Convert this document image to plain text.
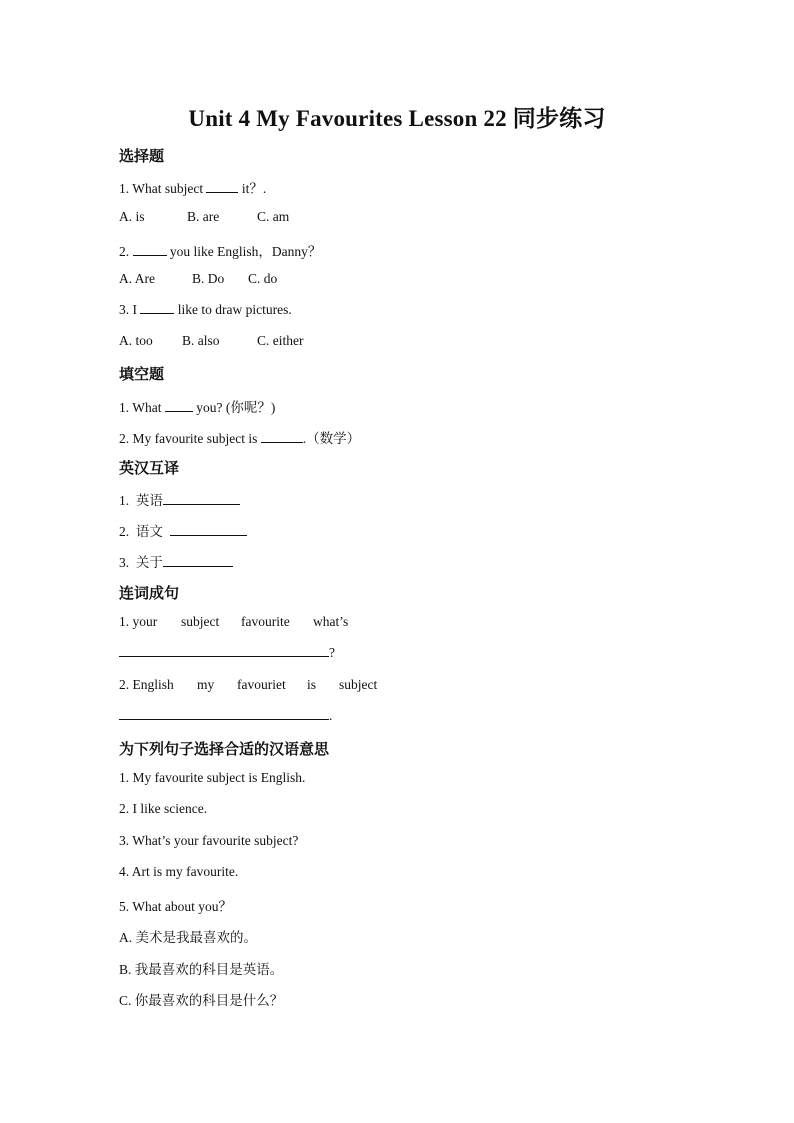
Unit 4 My Favourites Lesson 22 同步练习
选择题
1. What subject  it？.
A. is	B. are	C. am
2.	you like English，Danny？
A. Are	B. Do C. do
3. I	like to draw pictures.
A. too B. also	C. either
填空题
1. What  you? (你呢？)
2. My favourite subject is	.（数学）
英汉互译
1. 英语
2. 语文
3. 关于
连词成句
1. your subject favourite what’s
?
2. English my favouriet is subject
.
为下列句子选择合适的汉语意思
1. My favourite subject is English.
2. I like science.
3. What’s your favourite subject?
4. Art is my favourite.
5. What about you？
A. 美术是我最喜欢的。
B. 我最喜欢的科目是英语。
C. 你最喜欢的科目是什么？
